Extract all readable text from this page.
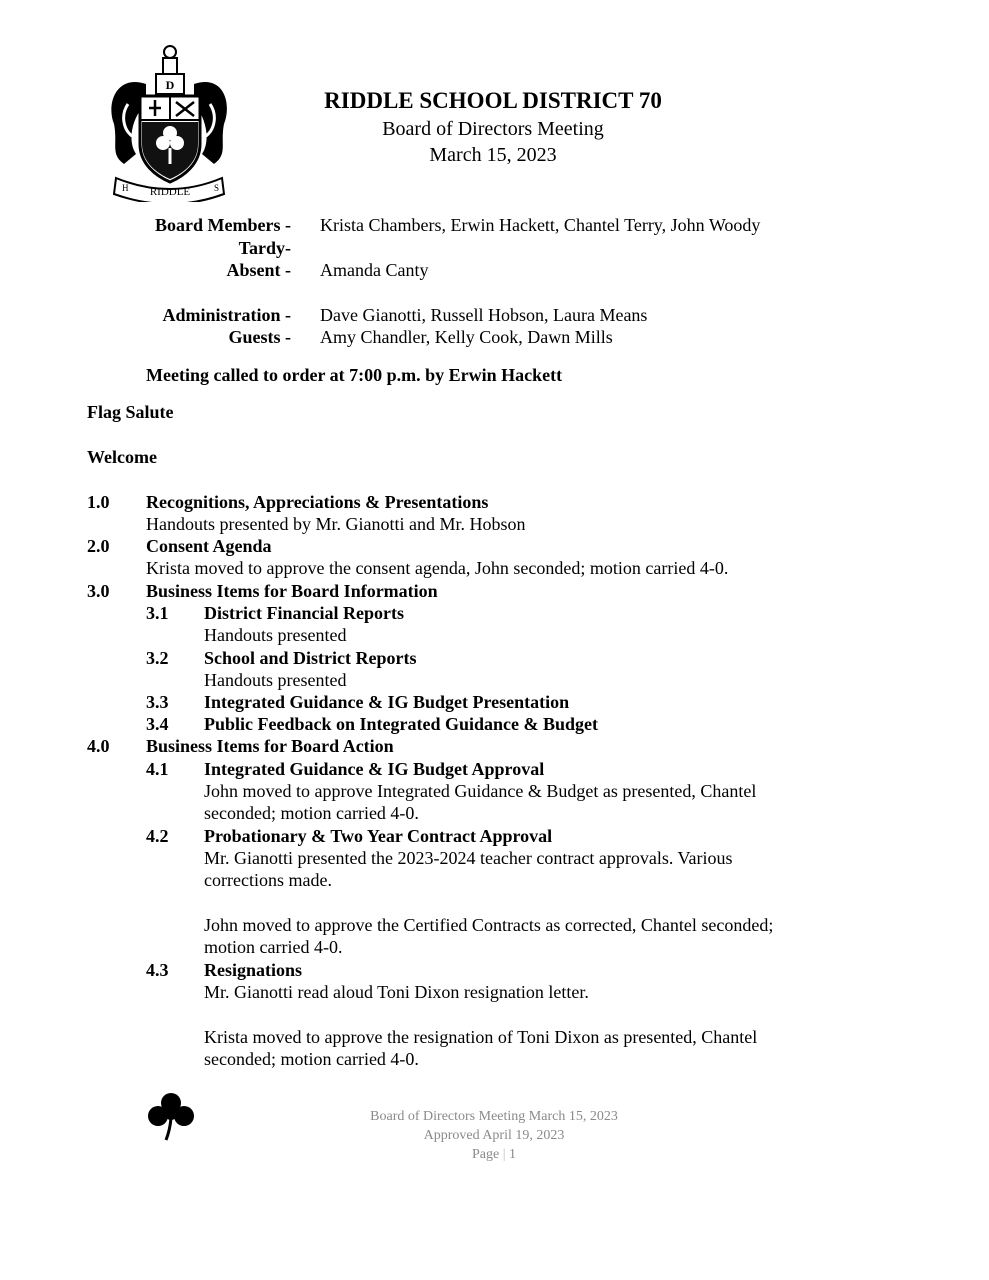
D
RIDDLE
H	S
RIDDLE SCHOOL DISTRICT 70
Board of Directors Meeting
March 15, 2023
Board Members - Krista Chambers, Erwin Hackett, Chantel Terry, John Woody
Tardy-
Absent - Amanda Canty
Administration - Dave Gianotti, Russell Hobson, Laura Means
Guests - Amy Chandler, Kelly Cook, Dawn Mills
Meeting called to order at 7:00 p.m. by Erwin Hackett
Flag Salute
Welcome
1.0 Recognitions, Appreciations & Presentations
Handouts presented by Mr. Gianotti and Mr. Hobson
2.0 Consent Agenda
Krista moved to approve the consent agenda, John seconded; motion carried 4-0.
3.0 Business Items for Board Information
3.1 District Financial Reports
Handouts presented
3.2 School and District Reports
Handouts presented
3.3 Integrated Guidance & IG Budget Presentation
3.4 Public Feedback on Integrated Guidance & Budget
4.0 Business Items for Board Action
4.1 Integrated Guidance & IG Budget Approval
John moved to approve Integrated Guidance & Budget as presented, Chantel
seconded; motion carried 4-0.
4.2 Probationary & Two Year Contract Approval
Mr. Gianotti presented the 2023-2024 teacher contract approvals. Various
corrections made.
John moved to approve the Certified Contracts as corrected, Chantel seconded;
motion carried 4-0.
4.3 Resignations
Mr. Gianotti read aloud Toni Dixon resignation letter.
Krista moved to approve the resignation of Toni Dixon as presented, Chantel
seconded; motion carried 4-0.
Board of Directors Meeting March 15, 2023
Approved April 19, 2023
Page | 1
